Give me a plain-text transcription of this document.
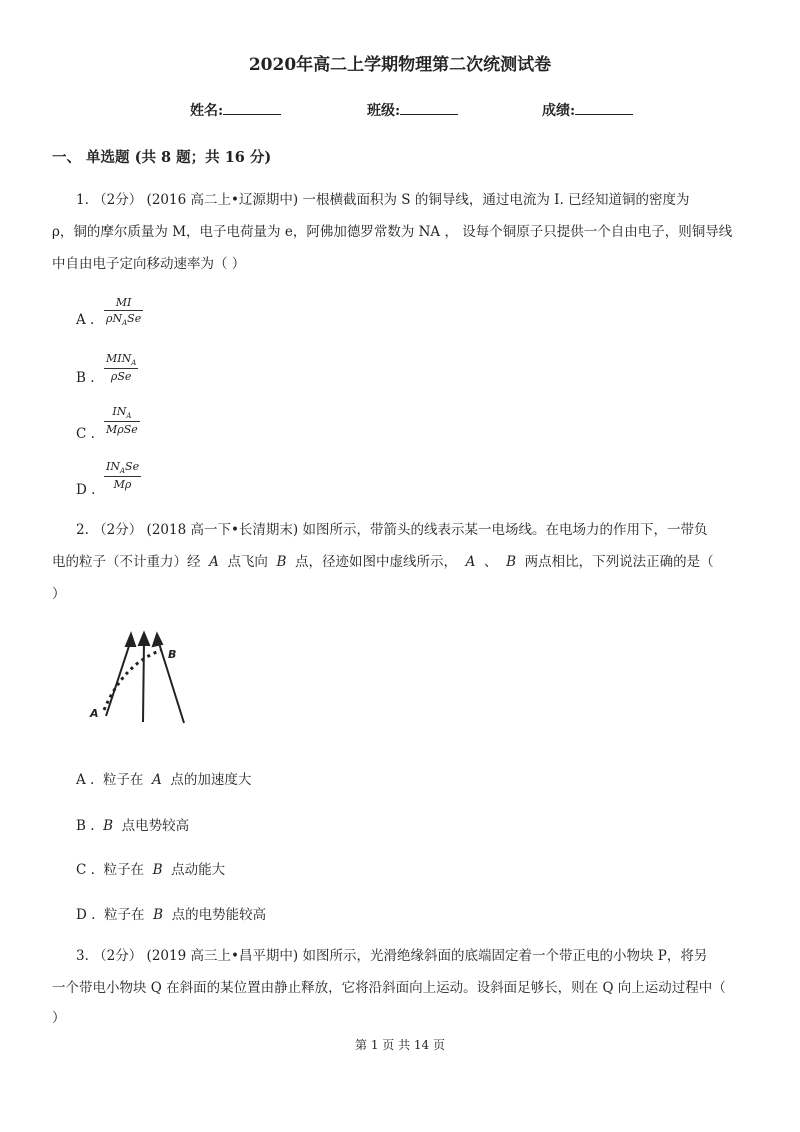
2020年高二上学期物理第二次统测试卷
姓名:	班级:	成绩:
一、 单选题 (共 8 题；共 16 分)
1. （2分） (2016 高二上•辽源期中) 一根横截面积为 S 的铜导线，通过电流为 I. 已经知道铜的密度为
ρ，铜的摩尔质量为 M，电子电荷量为 e，阿佛加德罗常数为 NA ， 设每个铜原子只提供一个自由电子，则铜导线
中自由电子定向移动速率为（ ）
A .
MI
$\rho N_ASe$
B .
$MIN_A$
ρSe
C .
$IN_A$
MρSe
D .
$IN_ASe$
Mρ
2. （2分） (2018 高一下•长清期末) 如图所示，带箭头的线表示某一电场线。在电场力的作用下，一带负
电的粒子（不计重力）经 A 点飞向 B 点，径迹如图中虚线所示， A 、 B 两点相比，下列说法正确的是（
）
A
B
A . 粒子在 A 点的加速度大
B . B 点电势较高
C . 粒子在 B 点动能大
D . 粒子在 B 点的电势能较高
3. （2分） (2019 高三上•昌平期中) 如图所示，光滑绝缘斜面的底端固定着一个带正电的小物块 P，将另
一个带电小物块 Q 在斜面的某位置由静止释放，它将沿斜面向上运动。设斜面足够长，则在 Q 向上运动过程中（
）
第 1 页 共 14 页
